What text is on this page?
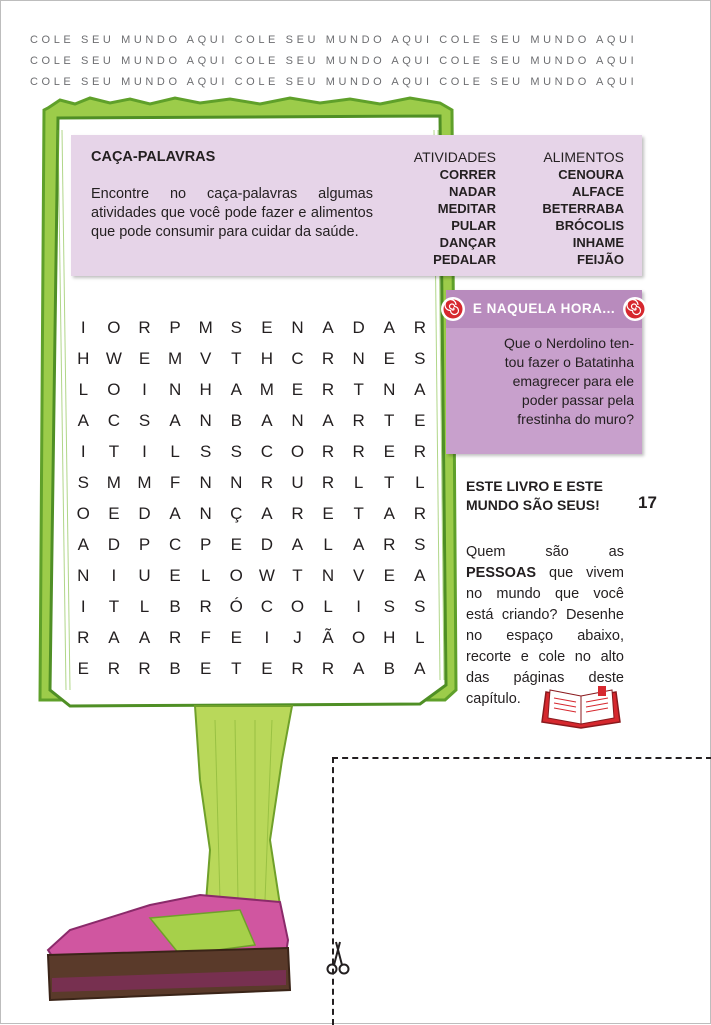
COLE SEU MUNDO AQUI COLE SEU MUNDO AQUI COLE SEU MUNDO AQUI
COLE SEU MUNDO AQUI COLE SEU MUNDO AQUI COLE SEU MUNDO AQUI
COLE SEU MUNDO AQUI COLE SEU MUNDO AQUI COLE SEU MUNDO AQUI
CAÇA-PALAVRAS
Encontre no caça-palavras algumas atividades que você pode fazer e alimentos que pode consumir para cuidar da saúde.
ATIVIDADES
CORRER
NADAR
MEDITAR
PULAR
DANÇAR
PEDALAR
ALIMENTOS
CENOURA
ALFACE
BETERRABA
BRÓCOLIS
INHAME
FEIJÃO
I	O	R	P	M	S	E	N	A	D	A	R
H W E	M	V	T	H	C	R	N	E	S
L	O	I	N	H	A	M	E	R	T	N	A
A	C	S	A	N	B	A	N	A	R	T	E
I	T	I	L	S	S	C	O	R	R	E	R
S	M M	F	N	N	R	U	R	L	T	L
O	E	D	A	N	Ç	A	R	E	T	A	R
A	D	P	C	P	E	D	A	L	A	R	S
N	I	U	E	L	O W	T	N	V	E	A
I	T	L	B	R	Ó	C	O	L	I	S	S
R	A	A	R	F	E	I	J	Ã	O	H	L
E	R	R	B	E	T	E	R	R	A	B	A
E NAQUELA HORA...
Que o Nerdolino ten-
tou fazer o Batatinha
emagrecer para ele
poder passar pela
frestinha do muro?
ESTE LIVRO E ESTE
MUNDO SÃO SEUS! 17
Quem são as PESSOAS que vivem no mundo que você está criando? Desenhe no espaço abaixo, recorte e cole no alto das páginas deste capítulo.
